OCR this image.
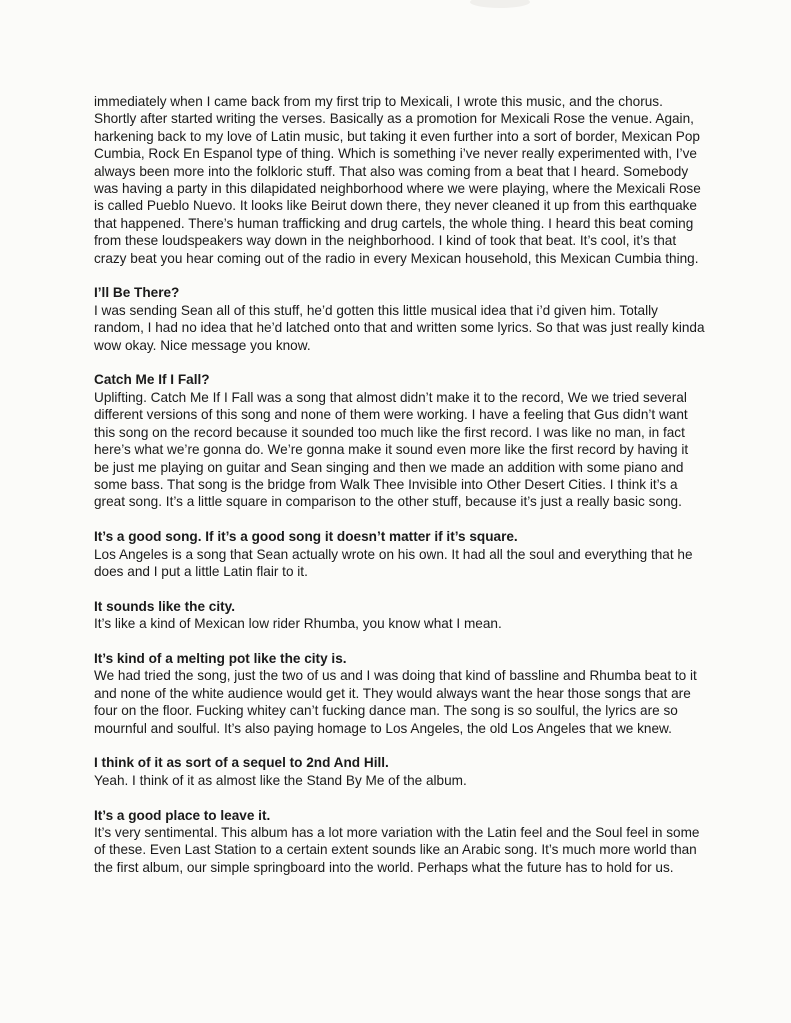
immediately when I came back from my first trip to Mexicali, I wrote this music, and the chorus. Shortly after started writing the verses. Basically as a promotion for Mexicali Rose the venue. Again, harkening back to my love of Latin music, but taking it even further into a sort of border, Mexican Pop Cumbia, Rock En Espanol type of thing. Which is something i’ve never really experimented with, I’ve always been more into the folkloric stuff. That also was coming from a beat that I heard. Somebody was having a party in this dilapidated neighborhood where we were playing, where the Mexicali Rose is called Pueblo Nuevo. It looks like Beirut down there, they never cleaned it up from this earthquake that happened. There’s human trafficking and drug cartels, the whole thing. I heard this beat coming from these loudspeakers way down in the neighborhood. I kind of took that beat. It’s cool, it’s that crazy beat you hear coming out of the radio in every Mexican household, this Mexican Cumbia thing.

I’ll Be There?

I was sending Sean all of this stuff, he’d gotten this little musical idea that i’d given him. Totally random, I had no idea that he’d latched onto that and written some lyrics. So that was just really kinda wow okay. Nice message you know.

Catch Me If I Fall?

Uplifting. Catch Me If I Fall was a song that almost didn’t make it to the record, We we tried several different versions of this song and none of them were working. I have a feeling that Gus didn’t want this song on the record because it sounded too much like the first record. I was like no man, in fact here’s what we’re gonna do. We’re gonna make it sound even more like the first record by having it be just me playing on guitar and Sean singing and then we made an addition with some piano and some bass. That song is the bridge from Walk Thee Invisible into Other Desert Cities. I think it’s a great song. It’s a little square in comparison to the other stuff, because it’s just a really basic song.

It’s a good song. If it’s a good song it doesn’t matter if it’s square.

Los Angeles is a song that Sean actually wrote on his own. It had all the soul and everything that he does and I put a little Latin flair to it.

It sounds like the city.

It’s like a kind of Mexican low rider Rhumba, you know what I mean.

It’s kind of a melting pot like the city is.

We had tried the song, just the two of us and I was doing that kind of bassline and Rhumba beat to it and none of the white audience would get it. They would always want the hear those songs that are four on the floor. Fucking whitey can’t fucking dance man. The song is so soulful, the lyrics are so mournful and soulful. It’s also paying homage to Los Angeles, the old Los Angeles that we knew.

I think of it as sort of a sequel to 2nd And Hill.

Yeah. I think of it as almost like the Stand By Me of the album.

It’s a good place to leave it.

It’s very sentimental. This album has a lot more variation with the Latin feel and the Soul feel in some of these. Even Last Station to a certain extent sounds like an Arabic song. It’s much more world than the first album, our simple springboard into the world. Perhaps what the future has to hold for us.
